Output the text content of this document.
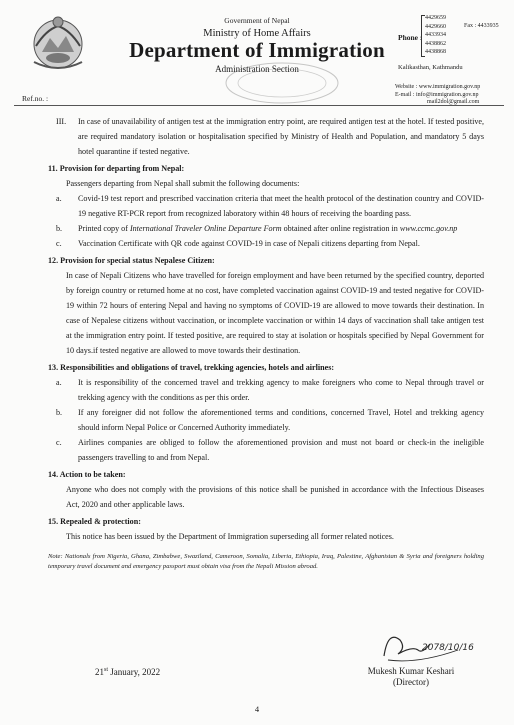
Government of Nepal
Ministry of Home Affairs
Department of Immigration
Administration Section
Phone :
4429659
4429660
4433934
4438862
4438868
Fax : 4433935
Kalikasthan, Kathmandu
Website : www.immigration.gov.np
E-mail : info@immigration.gov.np
mail2dol@gmail.com
Ref.no. :
III. In case of unavailability of antigen test at the immigration entry point, are required antigen test at the hotel. If tested positive, are required mandatory isolation or hospitalisation specified by Ministry of Health and Population, and mandatory 5 days hotel quarantine if tested negative.
11. Provision for departing from Nepal:
Passengers departing from Nepal shall submit the following documents:
a. Covid-19 test report and prescribed vaccination criteria that meet the health protocol of the destination country and COVID-19 negative RT-PCR report from recognized laboratory within 48 hours of receiving the boarding pass.
b. Printed copy of International Traveler Online Departure Form obtained after online registration in www.ccmc.gov.np
c. Vaccination Certificate with QR code against COVID-19 in case of Nepali citizens departing from Nepal.
12. Provision for special status Nepalese Citizen:
In case of Nepali Citizens who have travelled for foreign employment and have been returned by the specified country, deported by foreign country or returned home at no cost, have completed vaccination against COVID-19 and tested negative for COVID-19 within 72 hours of entering Nepal and having no symptoms of COVID-19 are allowed to move towards their destination. In case of Nepalese citizens without vaccination, or incomplete vaccination or within 14 days of vaccination shall take antigen test at the immigration entry point. If tested positive, are required to stay at isolation or hospitals specified by Nepal Government for 10 days.if tested negative are allowed to move towards their destination.
13. Responsibilities and obligations of travel, trekking agencies, hotels and airlines:
a. It is responsibility of the concerned travel and trekking agency to make foreigners who come to Nepal through travel or trekking agency with the conditions as per this order.
b. If any foreigner did not follow the aforementioned terms and conditions, concerned Travel, Hotel and trekking agency should inform Nepal Police or Concerned Authority immediately.
c. Airlines companies are obliged to follow the aforementioned provision and must not board or check-in the ineligible passengers travelling to and from Nepal.
14. Action to be taken:
Anyone who does not comply with the provisions of this notice shall be punished in accordance with the Infectious Diseases Act, 2020 and other applicable laws.
15. Repealed & protection:
This notice has been issued by the Department of Immigration superseding all former related notices.
Note: Nationals from Nigeria, Ghana, Zimbabwe, Swaziland, Cameroon, Somalia, Liberia, Ethiopia, Iraq, Palestine, Afghanistan & Syria and foreigners holding temporary travel document and emergency passport must obtain visa from the Nepali Mission abroad.
2078/10/16
21st January, 2022	Mukesh Kumar Keshari
(Director)
4
